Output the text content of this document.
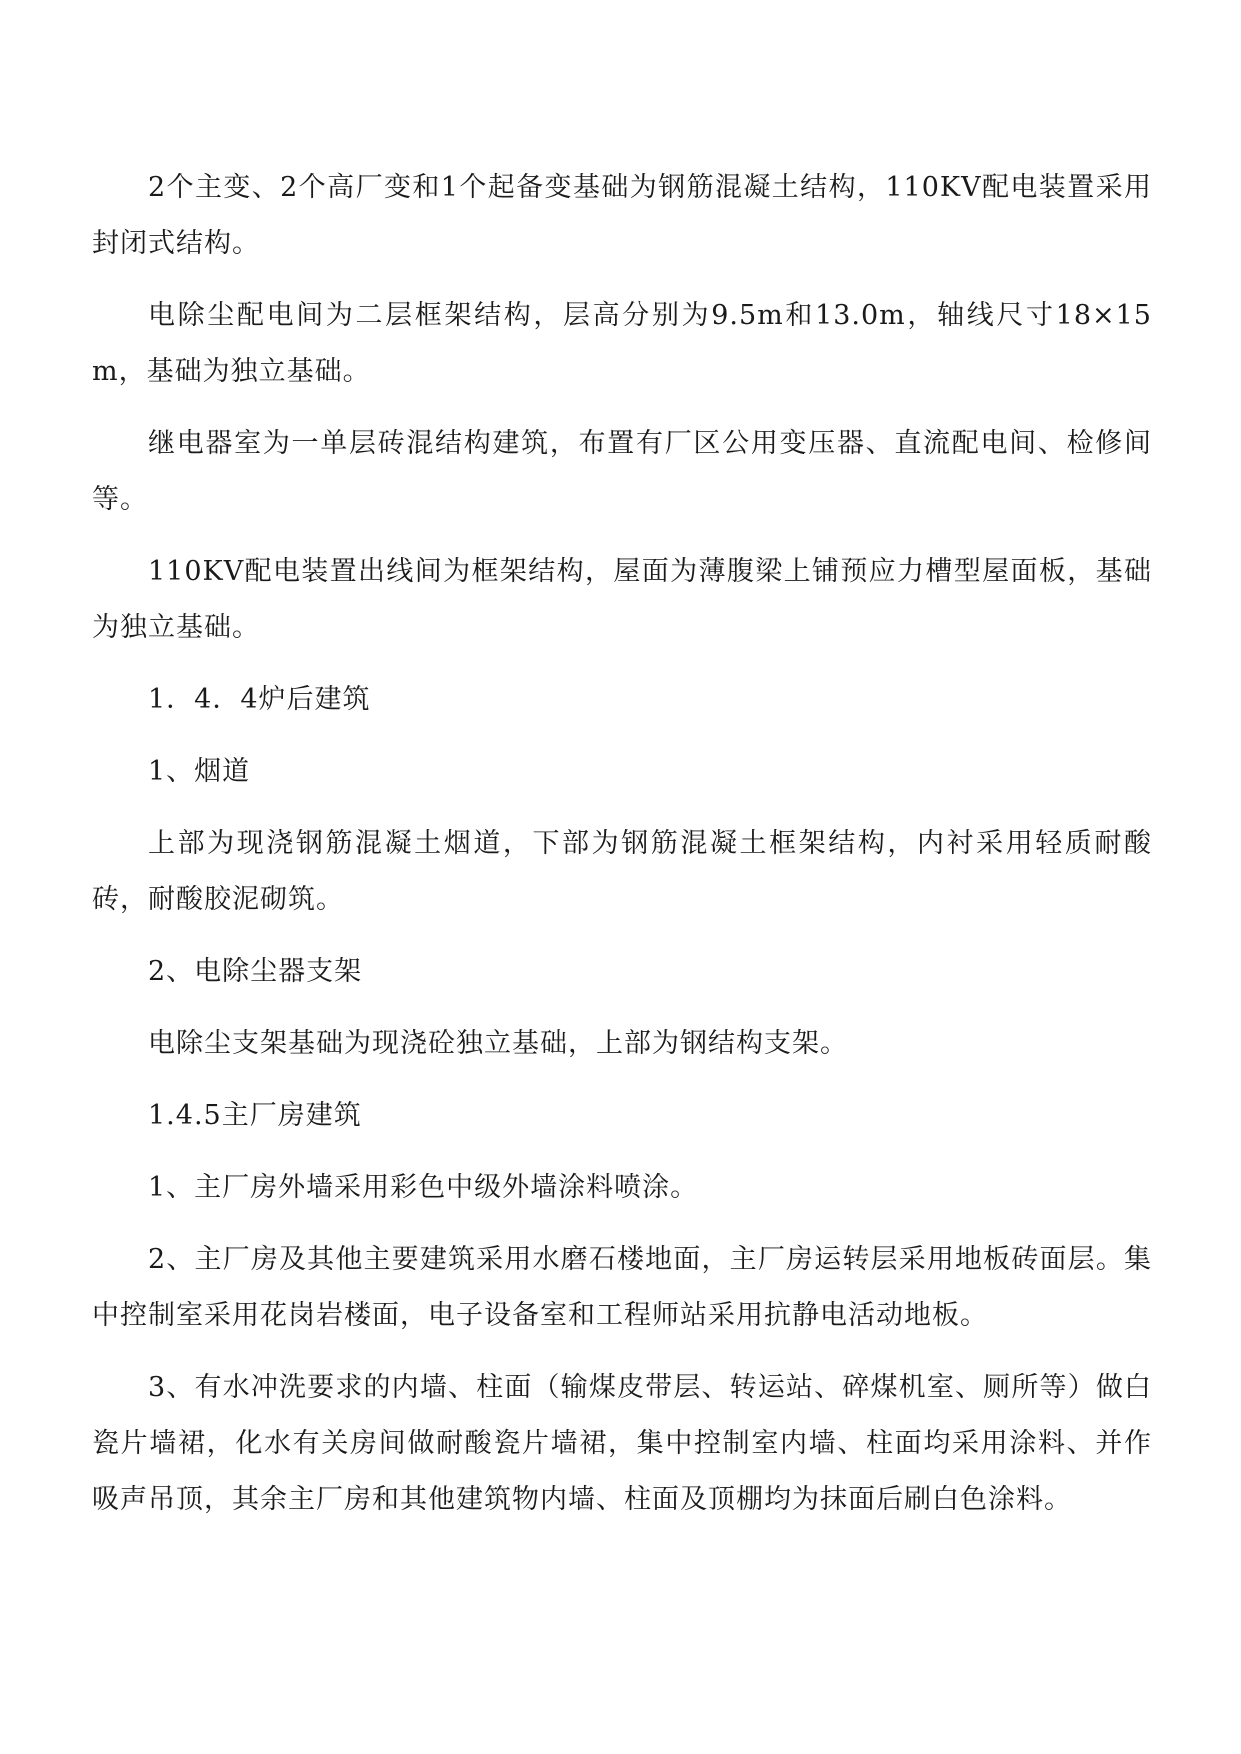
2个主变、2个高厂变和1个起备变基础为钢筋混凝土结构，110KV配电装置采用封闭式结构。

电除尘配电间为二层框架结构，层高分别为9.5m和13.0m，轴线尺寸18×15m，基础为独立基础。

继电器室为一单层砖混结构建筑，布置有厂区公用变压器、直流配电间、检修间等。

110KV配电装置出线间为框架结构，屋面为薄腹梁上铺预应力槽型屋面板，基础为独立基础。

1．4．4炉后建筑

1、烟道

上部为现浇钢筋混凝土烟道，下部为钢筋混凝土框架结构，内衬采用轻质耐酸砖，耐酸胶泥砌筑。

2、电除尘器支架

电除尘支架基础为现浇砼独立基础，上部为钢结构支架。

1.4.5主厂房建筑

1、主厂房外墙采用彩色中级外墙涂料喷涂。

2、主厂房及其他主要建筑采用水磨石楼地面，主厂房运转层采用地板砖面层。集中控制室采用花岗岩楼面，电子设备室和工程师站采用抗静电活动地板。

3、有水冲洗要求的内墙、柱面（输煤皮带层、转运站、碎煤机室、厕所等）做白瓷片墙裙，化水有关房间做耐酸瓷片墙裙，集中控制室内墙、柱面均采用涂料、并作吸声吊顶，其余主厂房和其他建筑物内墙、柱面及顶棚均为抹面后刷白色涂料。
